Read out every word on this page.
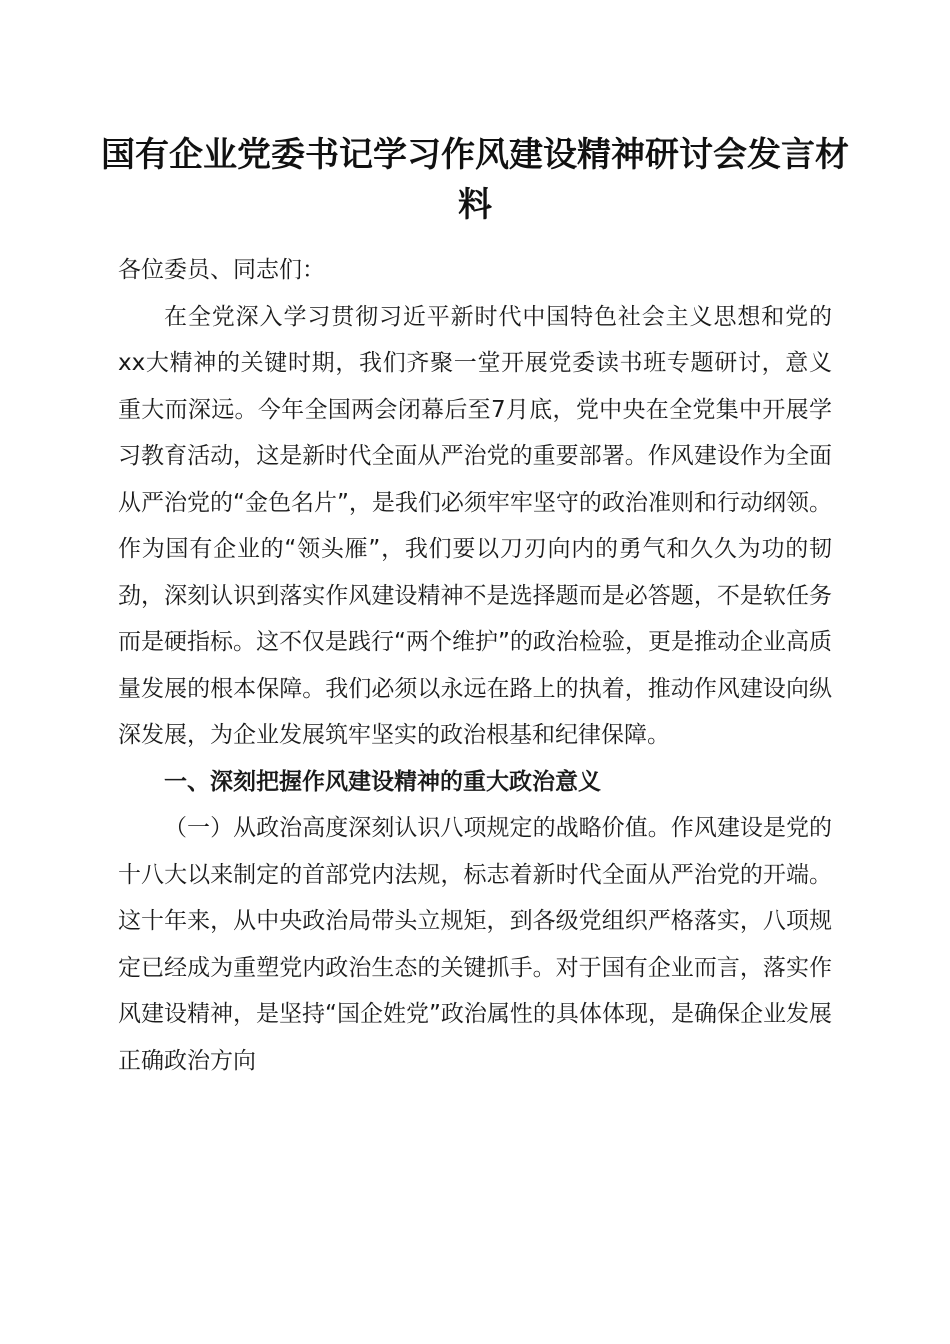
国有企业党委书记学习作风建设精神研讨会发言材料

各位委员、同志们：

在全党深入学习贯彻习近平新时代中国特色社会主义思想和党的xx大精神的关键时期，我们齐聚一堂开展党委读书班专题研讨，意义重大而深远。今年全国两会闭幕后至7月底，党中央在全党集中开展学习教育活动，这是新时代全面从严治党的重要部署。作风建设作为全面从严治党的“金色名片”，是我们必须牢牢坚守的政治准则和行动纲领。作为国有企业的“领头雁”，我们要以刀刃向内的勇气和久久为功的韧劲，深刻认识到落实作风建设精神不是选择题而是必答题，不是软任务而是硬指标。这不仅是践行“两个维护”的政治检验，更是推动企业高质量发展的根本保障。我们必须以永远在路上的执着，推动作风建设向纵深发展，为企业发展筑牢坚实的政治根基和纪律保障。

一、深刻把握作风建设精神的重大政治意义

（一）从政治高度深刻认识八项规定的战略价值。作风建设是党的十八大以来制定的首部党内法规，标志着新时代全面从严治党的开端。这十年来，从中央政治局带头立规矩，到各级党组织严格落实，八项规定已经成为重塑党内政治生态的关键抓手。对于国有企业而言，落实作风建设精神，是坚持“国企姓党”政治属性的具体体现，是确保企业发展正确政治方向
